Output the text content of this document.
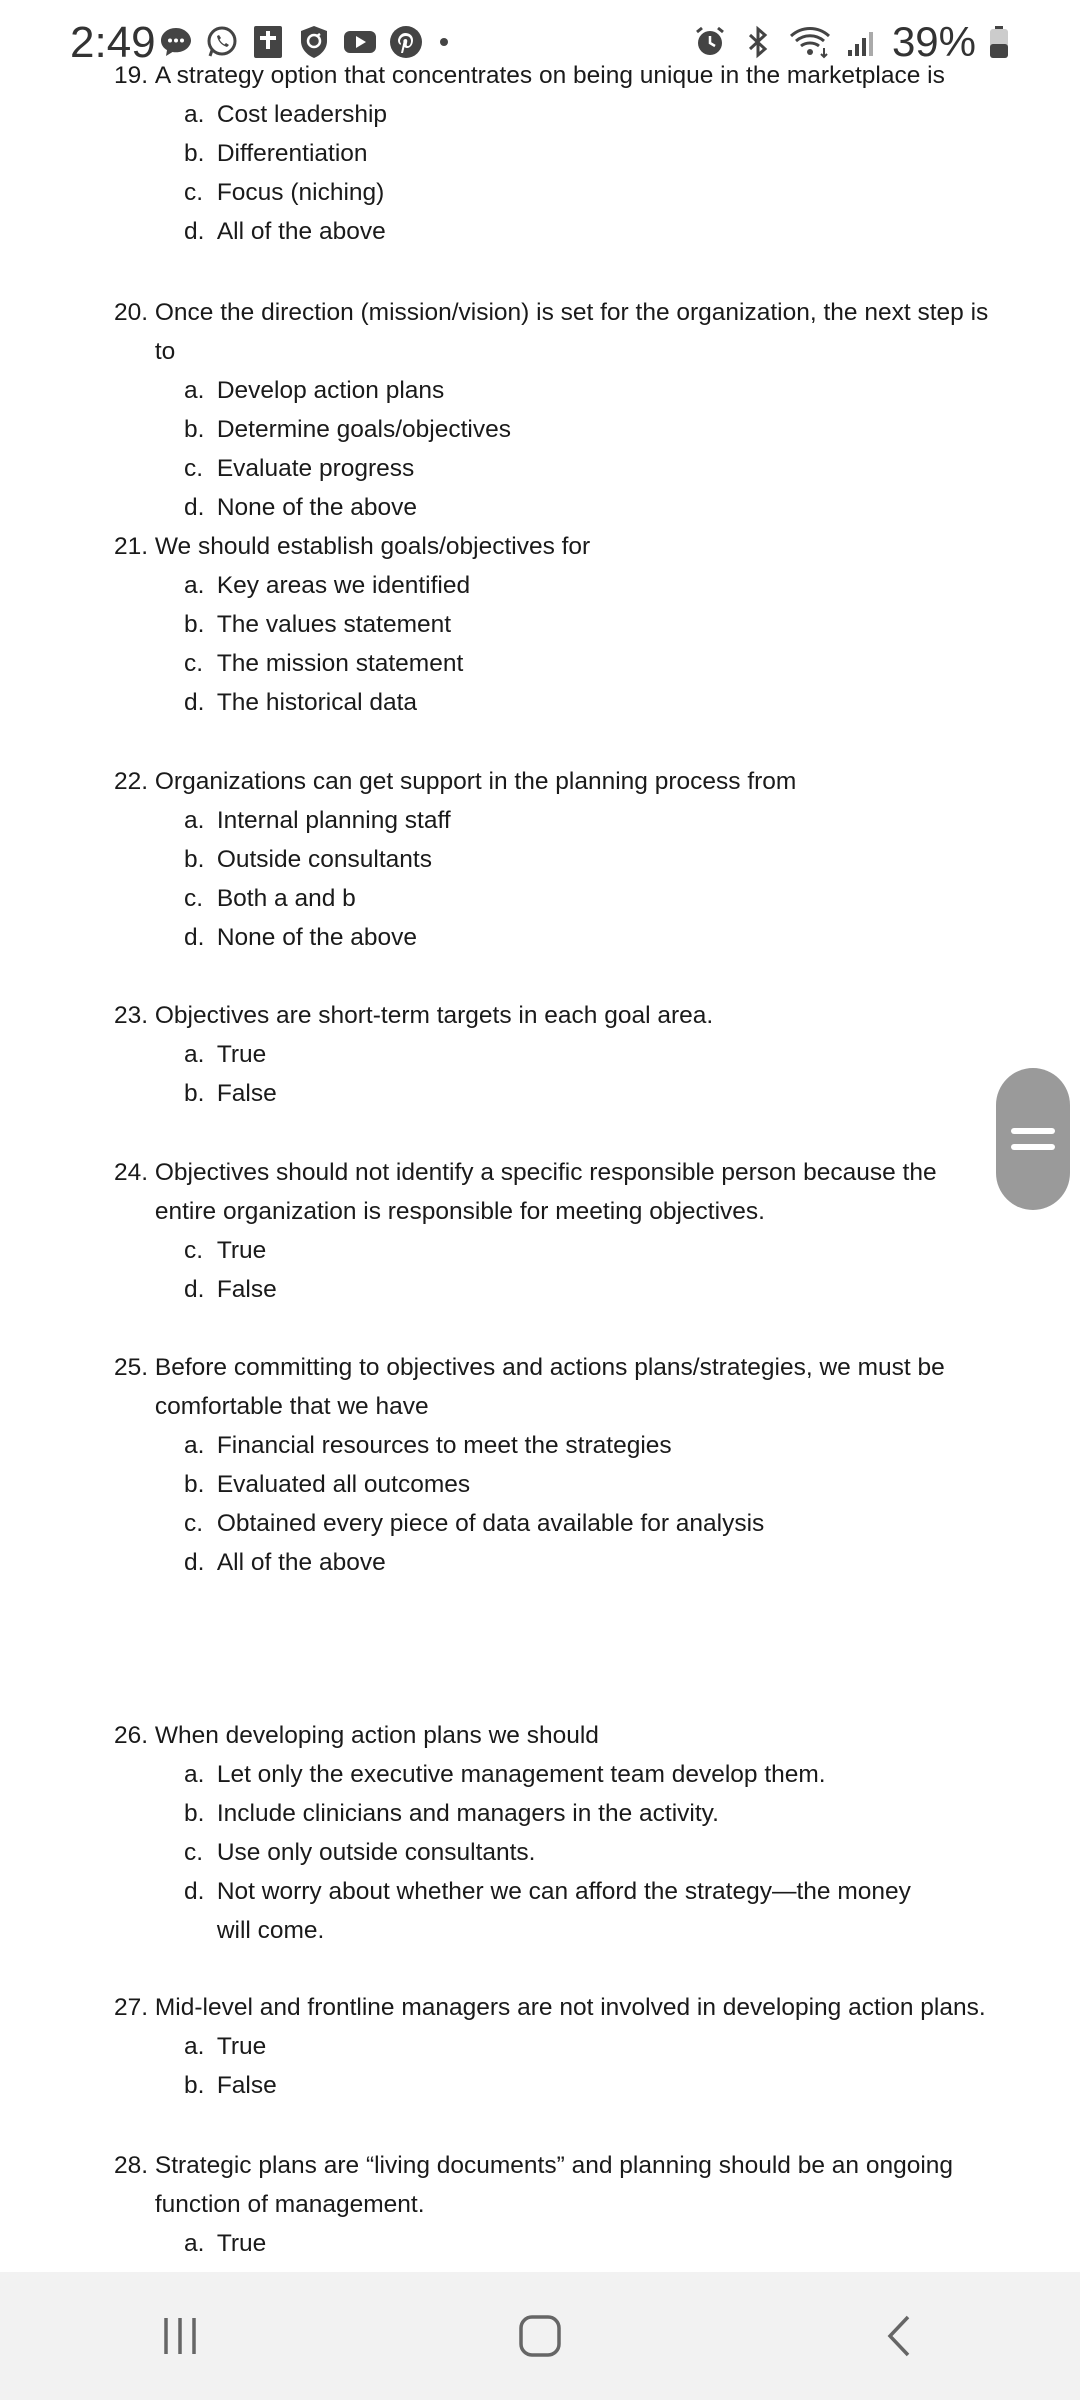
19.
A strategy option that concentrates on being unique in the marketplace is
a.
Cost leadership
b.
Differentiation
c.
Focus (niching)
d.
All of the above
20.
Once the direction (mission/vision) is set for the organization, the next step is to
a.
Develop action plans
b.
Determine goals/objectives
c.
Evaluate progress
d.
None of the above
21.
We should establish goals/objectives for
a.
Key areas we identified
b.
The values statement
c.
The mission statement
d.
The historical data
22.
Organizations can get support in the planning process from
a.
Internal planning staff
b.
Outside consultants
c.
Both a and b
d.
None of the above
23.
Objectives are short-term targets in each goal area.
a.
True
b.
False
24.
Objectives should not identify a specific responsible person because the entire organization is responsible for meeting objectives.
c.
True
d.
False
25.
Before committing to objectives and actions plans/strategies, we must be comfortable that we have
a.
Financial resources to meet the strategies
b.
Evaluated all outcomes
c.
Obtained every piece of data available for analysis
d.
All of the above
26.
When developing action plans we should
a.
Let only the executive management team develop them.
b.
Include clinicians and managers in the activity.
c.
Use only outside consultants.
d.
Not worry about whether we can afford the strategy—the money will come.
27.
Mid-level and frontline managers are not involved in developing action plans.
a.
True
b.
False
28.
Strategic plans are “living documents” and planning should be an ongoing function of management.
a.
True
2:49	39%
